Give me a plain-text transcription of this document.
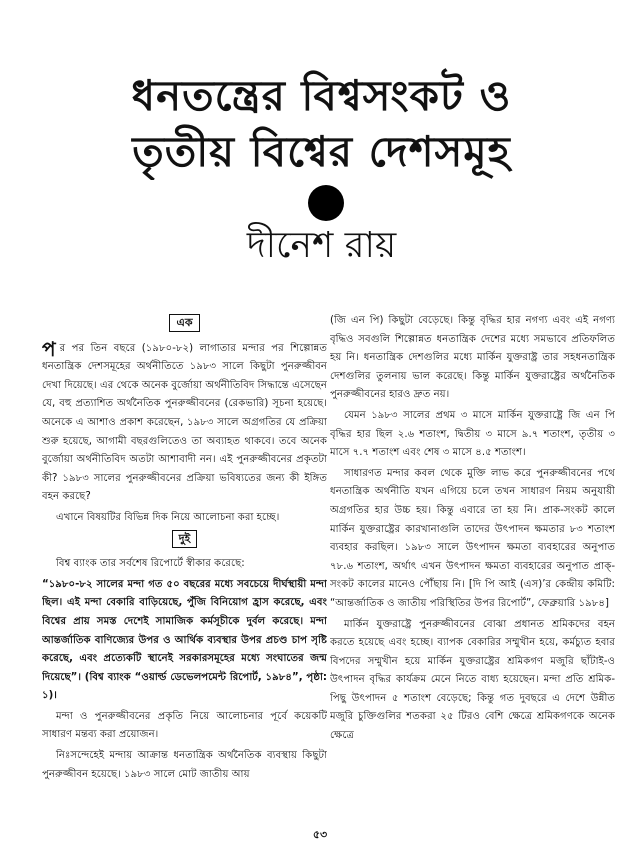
ধনতন্ত্রের বিশ্বসংকট ও
তৃতীয় বিশ্বের দেশসমূহ
দীনেশ রায়
এক

পর পর তিন বছরে (১৯৮০-৮২) লাগাতার মন্দার পর শিল্পোন্নত ধনতান্ত্রিক দেশসমূহের অর্থনীতিতে ১৯৮৩ সালে কিছুটা পুনরুজ্জীবন দেখা দিয়েছে। এর থেকে অনেক বুর্জোয়া অর্থনীতিবিদ সিদ্ধান্তে এসেছেন যে, বহু প্রত্যাশিত অর্থনৈতিক পুনরুজ্জীবনের (রেকভারি) সূচনা হয়েছে। অনেকে এ আশাও প্রকাশ করেছেন, ১৯৮৩ সালে অগ্রগতির যে প্রক্রিয়া শুরু হয়েছে, আগামী বছরগুলিতেও তা অব্যাহত থাকবে। তবে অনেক বুর্জোয়া অর্থনীতিবিদ অতটা আশাবাদী নন। এই পুনরুজ্জীবনের প্রকৃতটা কী? ১৯৮৩ সালের পুনরুজ্জীবনের প্রক্রিয়া ভবিষ্যতের জন্য কী ইঙ্গিত বহন করছে?

এখানে বিষয়টির বিভিন্ন দিক নিয়ে আলোচনা করা হচ্ছে।

দুই

বিশ্ব ব্যাংক তার সর্বশেষ রিপোর্টে স্বীকার করেছে:

“১৯৮০-৮২ সালের মন্দা গত ৫০ বছরের মধ্যে সবচেয়ে দীর্ঘস্থায়ী মন্দা ছিল। এই মন্দা বেকারি বাড়িয়েছে, পুঁজি বিনিয়োগ হ্রাস করেছে, এবং বিশ্বের প্রায় সমস্ত দেশেই সামাজিক কর্মসূচীকে দুর্বল করেছে। মন্দা আন্তর্জাতিক বাণিজ্যের উপর ও আর্থিক ব্যবস্থার উপর প্রচণ্ড চাপ সৃষ্টি করেছে, এবং প্রত্যেকটি স্থানেই সরকারসমূহের মধ্যে সংঘাতের জন্ম দিয়েছে”। (বিশ্ব ব্যাংক “ওয়ার্ল্ড ডেভেলপমেন্ট রিপোর্ট, ১৯৮৪”, পৃষ্ঠা: ১)।

মন্দা ও পুনরুজ্জীবনের প্রকৃতি নিয়ে আলোচনার পূর্বে কয়েকটি সাধারণ মন্তব্য করা প্রয়োজন।

নিঃসন্দেহেই মন্দায় আক্রান্ত ধনতান্ত্রিক অর্থনৈতিক ব্যবস্থায় কিছুটা পুনরুজ্জীবন হয়েছে। ১৯৮৩ সালে মোট জাতীয় আয়

(জি এন পি) কিছুটা বেড়েছে। কিন্তু বৃদ্ধির হার নগণ্য এবং এই নগণ্য বৃদ্ধিও সবগুলি শিল্পোন্নত ধনতান্ত্রিক দেশের মধ্যে সমভাবে প্রতিফলিত হয় নি। ধনতান্ত্রিক দেশগুলির মধ্যে মার্কিন যুক্তরাষ্ট্র তার সহধনতান্ত্রিক দেশগুলির তুলনায় ভাল করেছে। কিন্তু মার্কিন যুক্তরাষ্ট্রের অর্থনৈতিক পুনরুজ্জীবনের হারও দ্রুত নয়।

যেমন ১৯৮৩ সালের প্রথম ৩ মাসে মার্কিন যুক্তরাষ্ট্রে জি এন পি বৃদ্ধির হার ছিল ২.৬ শতাংশ, দ্বিতীয় ৩ মাসে ৯.৭ শতাংশ, তৃতীয় ৩ মাসে ৭.৭ শতাংশ এবং শেষ ৩ মাসে ৪.৫ শতাংশ।

সাধারণত মন্দার কবল থেকে মুক্তি লাভ করে পুনরুজ্জীবনের পথে ধনতান্ত্রিক অর্থনীতি যখন এগিয়ে চলে তখন সাধারণ নিয়ম অনুযায়ী অগ্রগতির হার উচ্চ হয়। কিন্তু এবারে তা হয় নি। প্রাক-সংকট কালে মার্কিন যুক্তরাষ্ট্রের কারখানাগুলি তাদের উৎপাদন ক্ষমতার ৮৩ শতাংশ ব্যবহার করছিল। ১৯৮৩ সালে উৎপাদন ক্ষমতা ব্যবহারের অনুপাত ৭৮.৬ শতাংশ, অর্থাৎ এখন উৎপাদন ক্ষমতা ব্যবহারের অনুপাত প্রাক্-সংকট কালের মানেও পৌঁছায় নি। [দি পি আই (এস)’র কেন্দ্রীয় কমিটি: “আন্তর্জাতিক ও জাতীয় পরিস্থিতির উপর রিপোর্ট”, ফেব্রুয়ারি ১৯৮৪]

মার্কিন যুক্তরাষ্ট্রে পুনরুজ্জীবনের বোঝা প্রধানত শ্রমিকদের বহন করতে হয়েছে এবং হচ্ছে। ব্যাপক বেকারির সম্মুখীন হয়ে, কর্মচ্যুত হবার বিপদের সম্মুখীন হয়ে মার্কিন যুক্তরাষ্ট্রের শ্রমিকগণ মজুরি ছাঁটাই-ও উৎপাদন বৃদ্ধির কার্যক্রম মেনে নিতে বাধ্য হয়েছেন। মন্দা প্রতি শ্রমিক-পিছু উৎপাদন ৫ শতাংশ বেড়েছে; কিন্তু গত দুবছরে এ দেশে উন্নীত মজুরি চুক্তিগুলির শতকরা ২৫ টিরও বেশি ক্ষেত্রে শ্রমিকগণকে অনেক ক্ষেত্রে

৫৩
